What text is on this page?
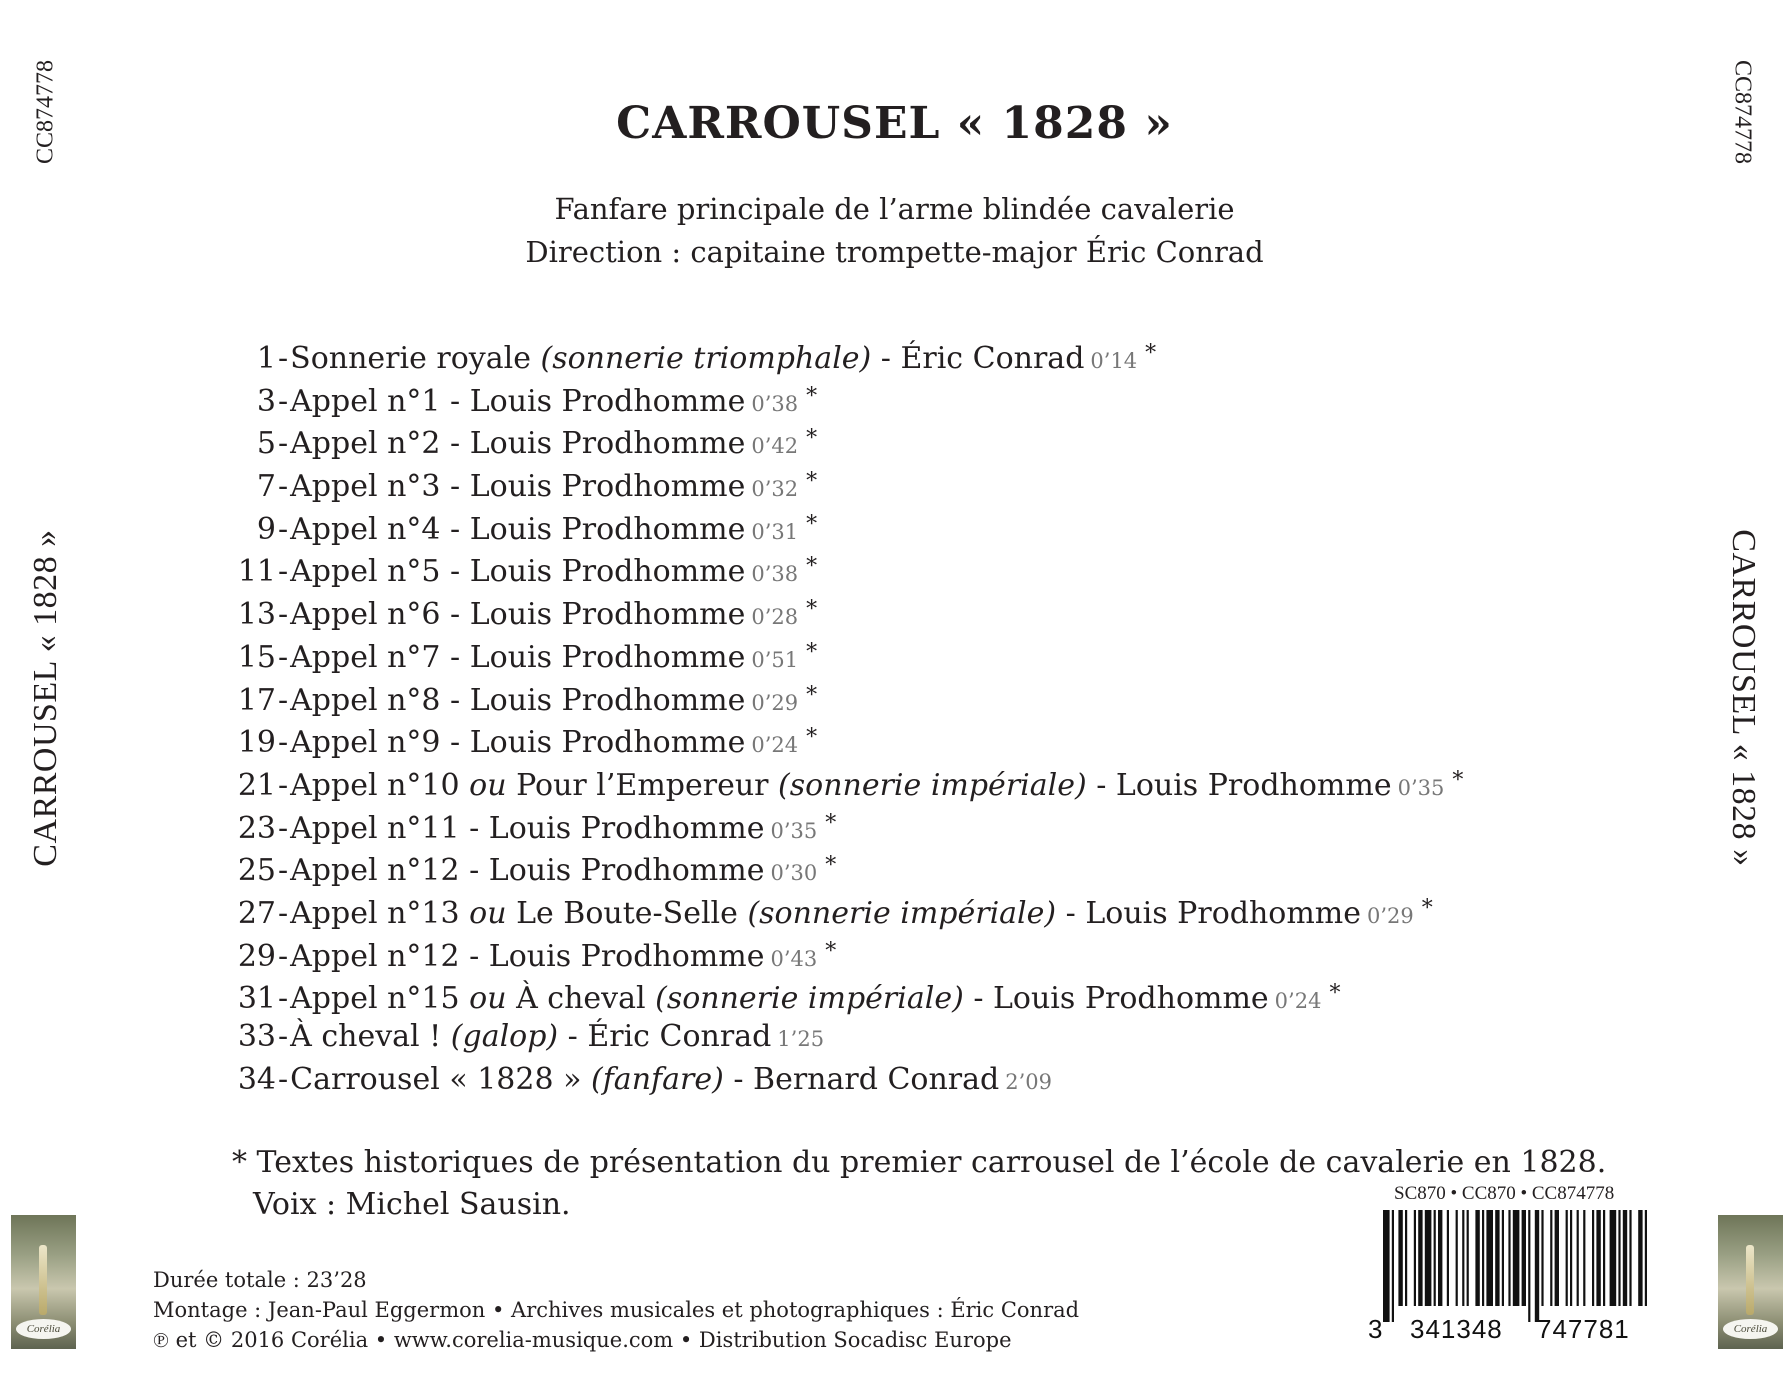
CC874778	CC874778
CARROUSEL « 1828 »	CARROUSEL « 1828 »
CARROUSEL « 1828 »
Fanfare principale de l’arme blindée cavalerie
Direction : capitaine trompette-major Éric Conrad
1-Sonnerie royale (sonnerie triomphale) - Éric Conrad 0’14 *
3-Appel n°1 - Louis Prodhomme 0’38 *
5-Appel n°2 - Louis Prodhomme 0’42 *
7-Appel n°3 - Louis Prodhomme 0’32 *
9-Appel n°4 - Louis Prodhomme 0’31 *
11-Appel n°5 - Louis Prodhomme 0’38 *
13-Appel n°6 - Louis Prodhomme 0’28 *
15-Appel n°7 - Louis Prodhomme 0’51 *
17-Appel n°8 - Louis Prodhomme 0’29 *
19-Appel n°9 - Louis Prodhomme 0’24 *
21-Appel n°10 ou Pour l’Empereur (sonnerie impériale) - Louis Prodhomme 0’35 *
23-Appel n°11 - Louis Prodhomme 0’35 *
25-Appel n°12 - Louis Prodhomme 0’30 *
27-Appel n°13 ou Le Boute-Selle (sonnerie impériale) - Louis Prodhomme 0’29 *
29-Appel n°12 - Louis Prodhomme 0’43 *
31-Appel n°15 ou À cheval (sonnerie impériale) - Louis Prodhomme 0’24 *
33-À cheval ! (galop) - Éric Conrad 1’25
34-Carrousel « 1828 » (fanfare) - Bernard Conrad 2’09
* Textes historiques de présentation du premier carrousel de l’école de cavalerie en 1828.
Voix : Michel Sausin.
Durée totale : 23’28
Montage : Jean-Paul Eggermon • Archives musicales et photographiques : Éric Conrad
℗ et © 2016 Corélia • www.corelia-musique.com • Distribution Socadisc Europe
Corélia	Corélia
SC870 • CC870 • CC874778
3 341348 747781
